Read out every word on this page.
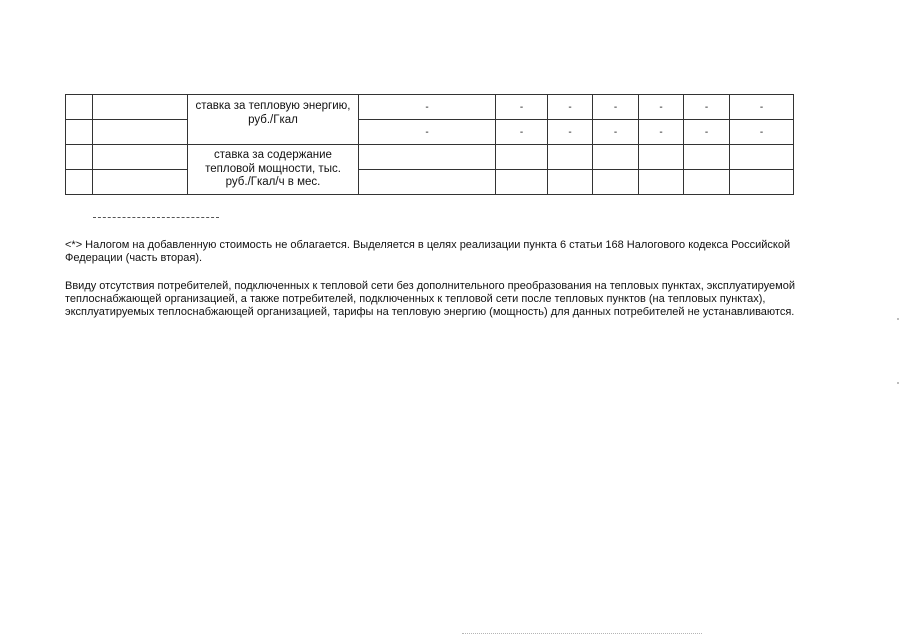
		ставка за тепловую энергию, руб./Гкал	-	-	-	-	-	-	-
			-	-	-	-	-	-	-
		ставка за содержание тепловой мощности, тыс. руб./Гкал/ч в мес.							

<*> Налогом на добавленную стоимость не облагается. Выделяется в целях реализации пункта 6 статьи 168 Налогового кодекса Российской Федерации (часть вторая).

Ввиду отсутствия потребителей, подключенных к тепловой сети без дополнительного преобразования на тепловых пунктах, эксплуатируемой теплоснабжающей организацией, а также потребителей, подключенных к тепловой сети после тепловых пунктов (на тепловых пунктах), эксплуатируемых теплоснабжающей организацией, тарифы на тепловую энергию (мощность) для данных потребителей не устанавливаются.
